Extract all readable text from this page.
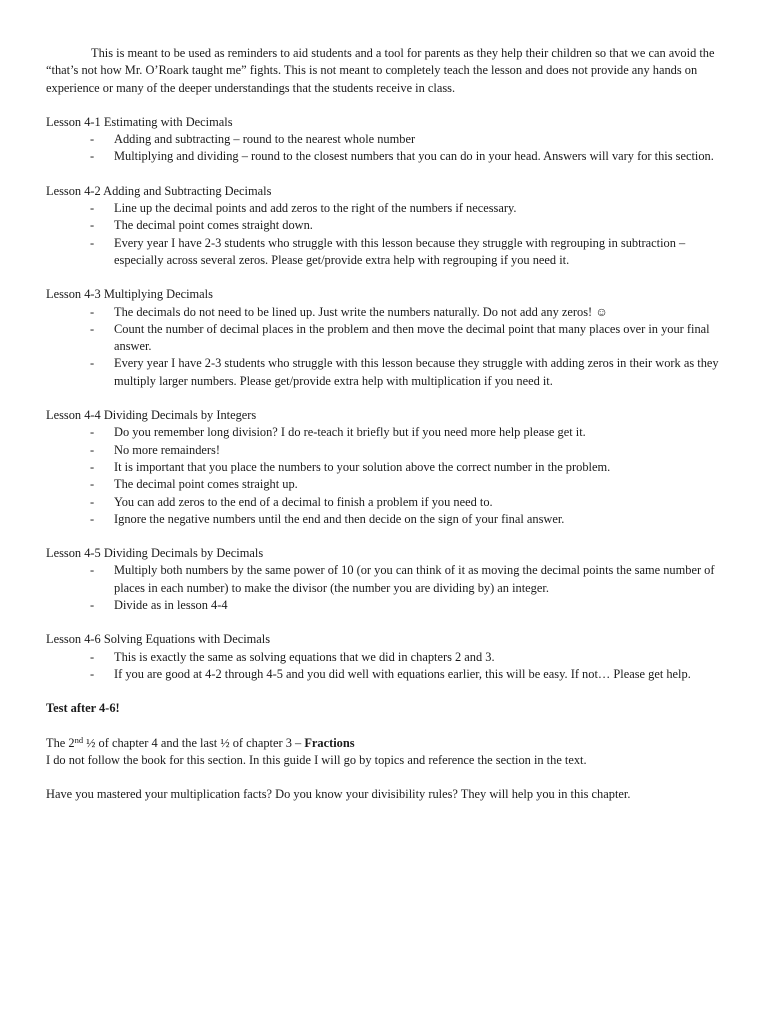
This is meant to be used as reminders to aid students and a tool for parents as they help their children so that we can avoid the “that’s not how Mr. O’Roark taught me” fights. This is not meant to completely teach the lesson and does not provide any hands on experience or many of the deeper understandings that the students receive in class.

Lesson 4-1 Estimating with Decimals

- Adding and subtracting – round to the nearest whole number
- Multiplying and dividing – round to the closest numbers that you can do in your head. Answers will vary for this section.

Lesson 4-2 Adding and Subtracting Decimals

- Line up the decimal points and add zeros to the right of the numbers if necessary.
- The decimal point comes straight down.
- Every year I have 2-3 students who struggle with this lesson because they struggle with regrouping in subtraction – especially across several zeros. Please get/provide extra help with regrouping if you need it.

Lesson 4-3 Multiplying Decimals

- The decimals do not need to be lined up. Just write the numbers naturally. Do not add any zeros! ☺
- Count the number of decimal places in the problem and then move the decimal point that many places over in your final answer.
- Every year I have 2-3 students who struggle with this lesson because they struggle with adding zeros in their work as they multiply larger numbers. Please get/provide extra help with multiplication if you need it.

Lesson 4-4 Dividing Decimals by Integers

- Do you remember long division? I do re-teach it briefly but if you need more help please get it.
- No more remainders!
- It is important that you place the numbers to your solution above the correct number in the problem.
- The decimal point comes straight up.
- You can add zeros to the end of a decimal to finish a problem if you need to.
- Ignore the negative numbers until the end and then decide on the sign of your final answer.

Lesson 4-5 Dividing Decimals by Decimals

- Multiply both numbers by the same power of 10 (or you can think of it as moving the decimal points the same number of places in each number) to make the divisor (the number you are dividing by) an integer.
- Divide as in lesson 4-4

Lesson 4-6 Solving Equations with Decimals

- This is exactly the same as solving equations that we did in chapters 2 and 3.
- If you are good at 4-2 through 4-5 and you did well with equations earlier, this will be easy. If not… Please get help.

Test after 4-6!

The 2nd ½ of chapter 4 and the last ½ of chapter 3 – Fractions

I do not follow the book for this section. In this guide I will go by topics and reference the section in the text.

Have you mastered your multiplication facts? Do you know your divisibility rules? They will help you in this chapter.
